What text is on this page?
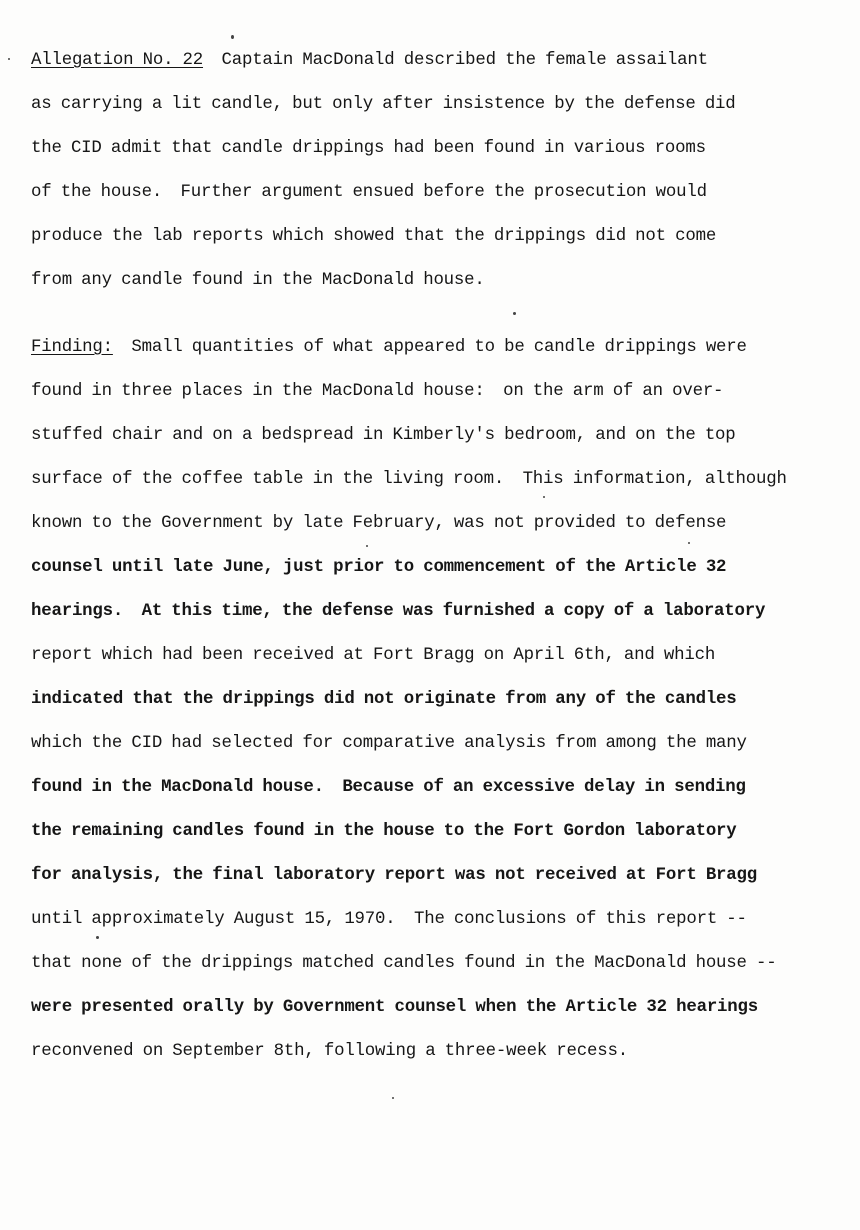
Allegation No. 22  Captain MacDonald described the female assailant
as carrying a lit candle, but only after insistence by the defense did
the CID admit that candle drippings had been found in various rooms
of the house.  Further argument ensued before the prosecution would
produce the lab reports which showed that the drippings did not come
from any candle found in the MacDonald house.
Finding:  Small quantities of what appeared to be candle drippings were
found in three places in the MacDonald house:  on the arm of an over-
stuffed chair and on a bedspread in Kimberly's bedroom, and on the top
surface of the coffee table in the living room.  This information, although
known to the Government by late February, was not provided to defense
counsel until late June, just prior to commencement of the Article 32
hearings.  At this time, the defense was furnished a copy of a laboratory
report which had been received at Fort Bragg on April 6th, and which
indicated that the drippings did not originate from any of the candles
which the CID had selected for comparative analysis from among the many
found in the MacDonald house.  Because of an excessive delay in sending
the remaining candles found in the house to the Fort Gordon laboratory
for analysis, the final laboratory report was not received at Fort Bragg
until approximately August 15, 1970.  The conclusions of this report --
that none of the drippings matched candles found in the MacDonald house --
were presented orally by Government counsel when the Article 32 hearings
reconvened on September 8th, following a three-week recess.
